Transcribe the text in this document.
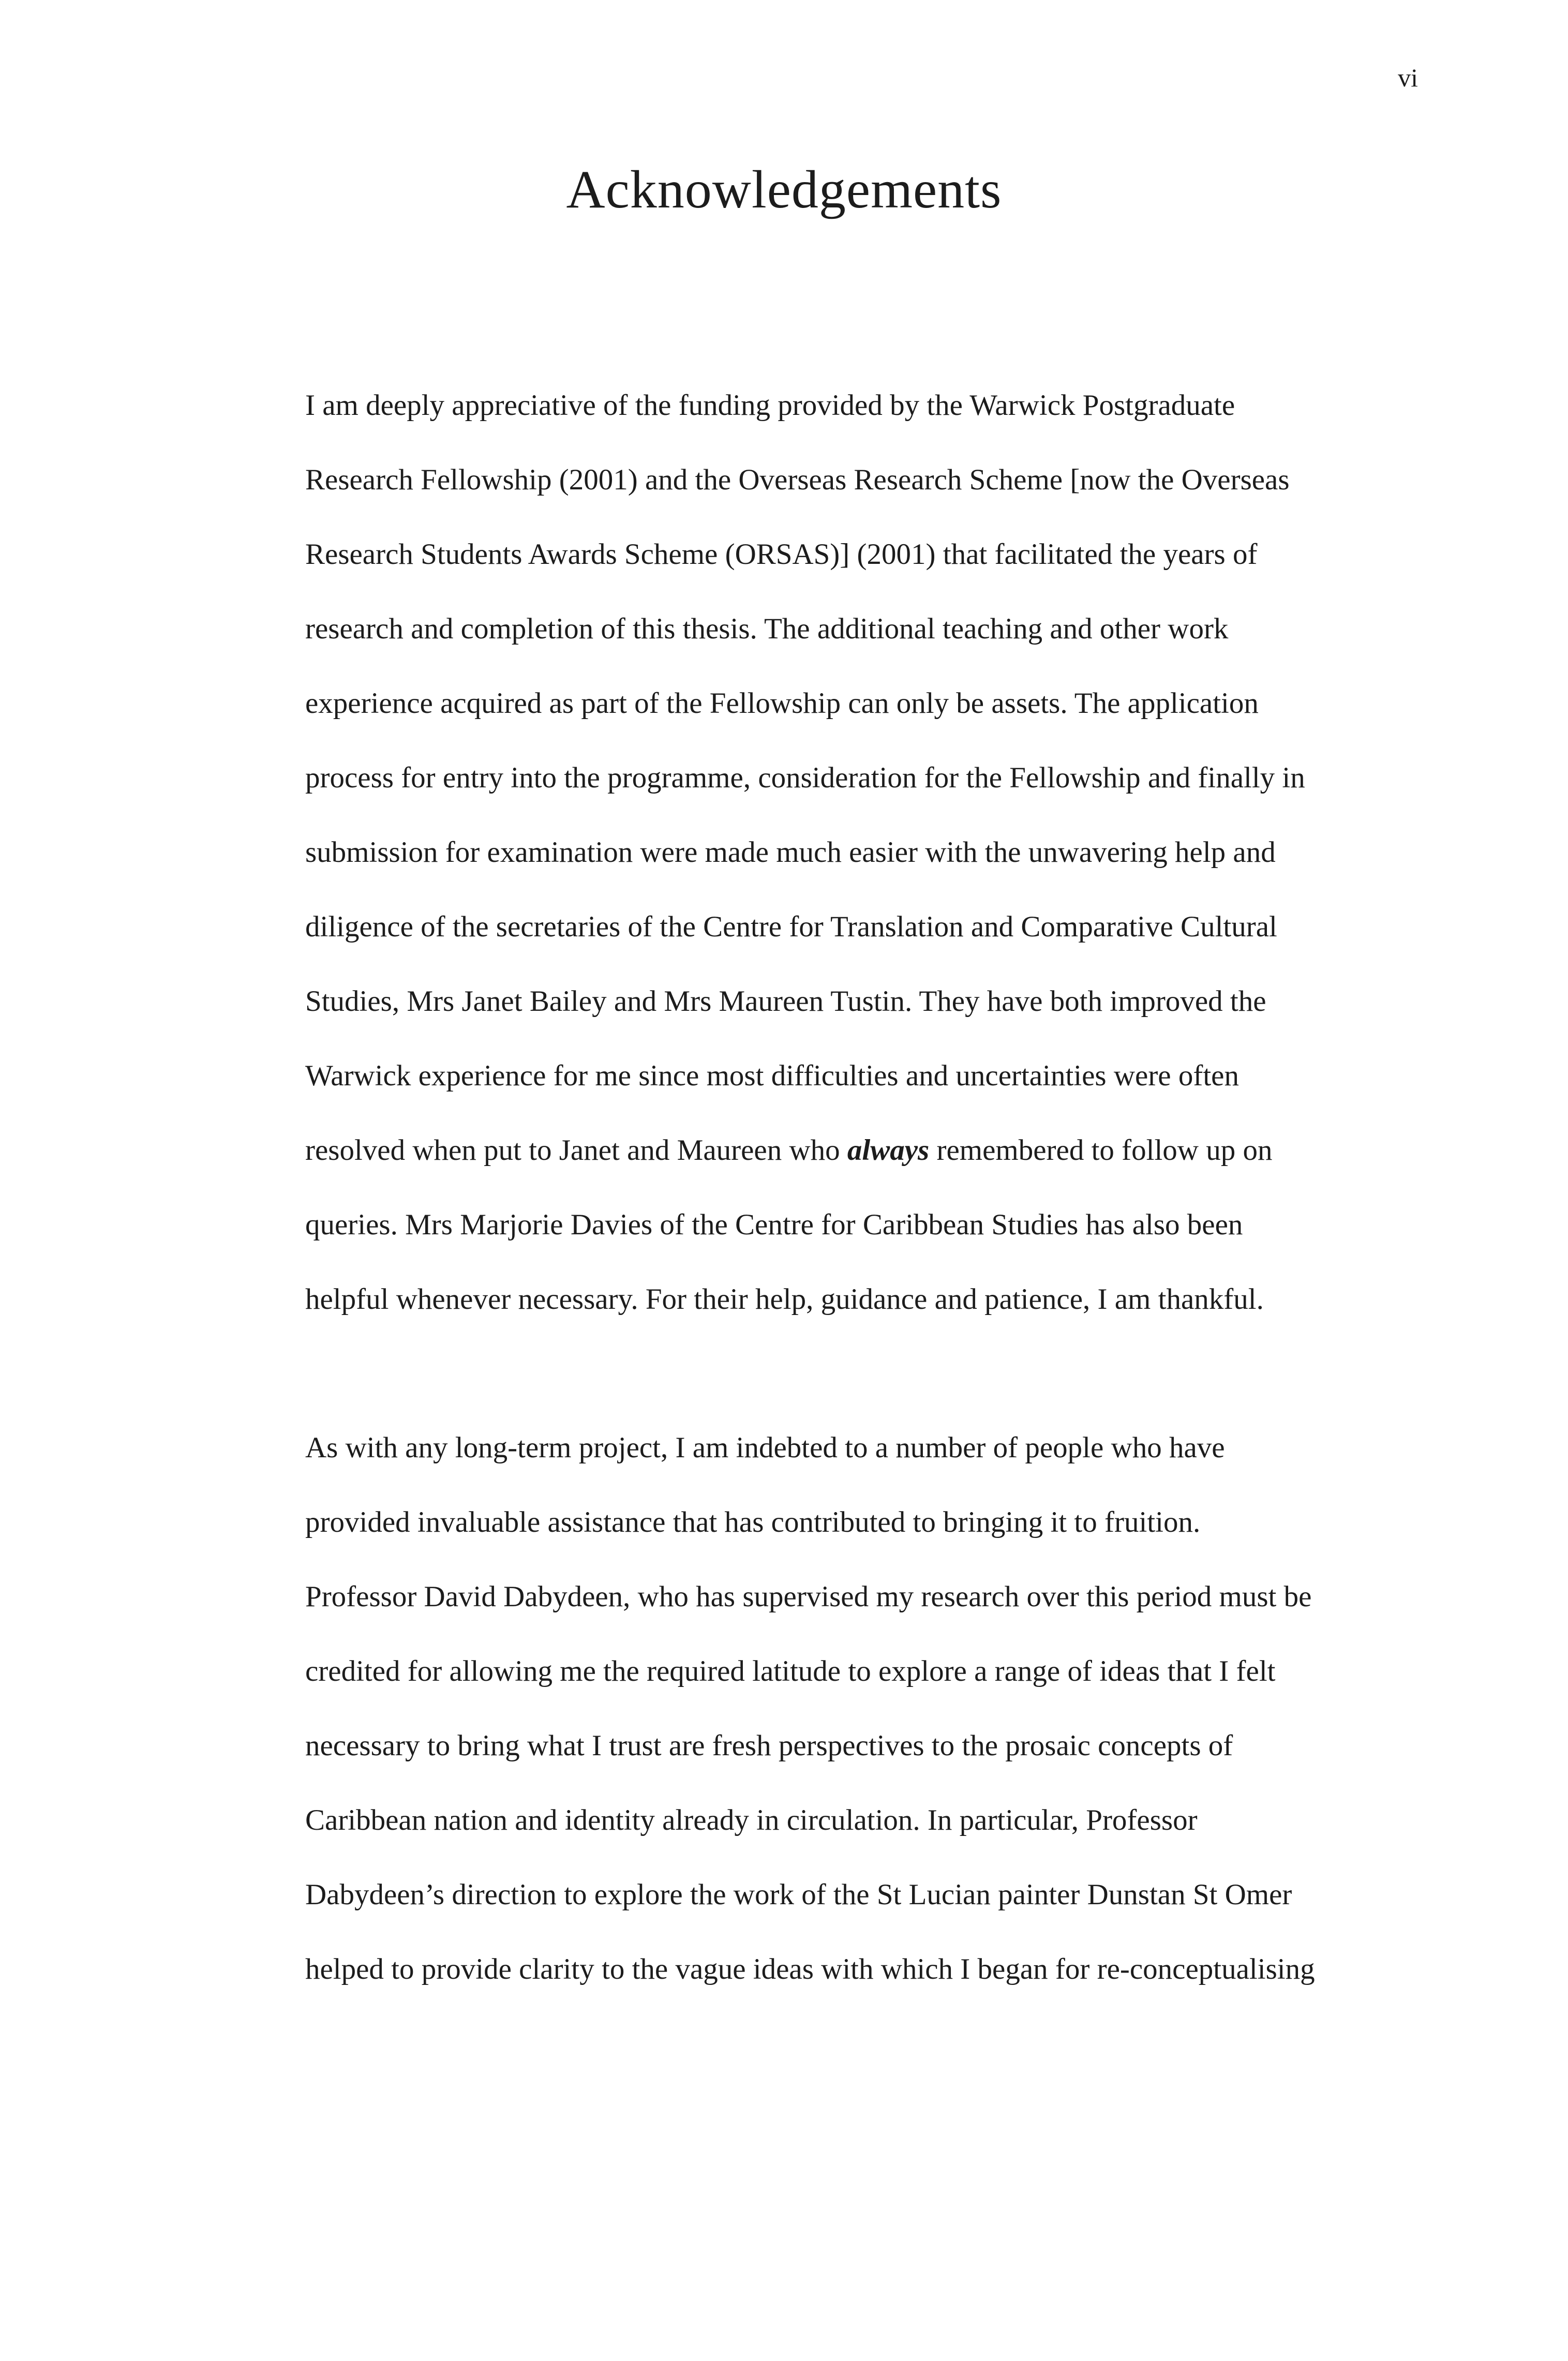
vi
Acknowledgements
I am deeply appreciative of the funding provided by the Warwick Postgraduate
Research Fellowship (2001) and the Overseas Research Scheme [now the Overseas
Research Students Awards Scheme (ORSAS)] (2001) that facilitated the years of
research and completion of this thesis. The additional teaching and other work
experience acquired as part of the Fellowship can only be assets. The application
process for entry into the programme, consideration for the Fellowship and finally in
submission for examination were made much easier with the unwavering help and
diligence of the secretaries of the Centre for Translation and Comparative Cultural
Studies, Mrs Janet Bailey and Mrs Maureen Tustin. They have both improved the
Warwick experience for me since most difficulties and uncertainties were often
resolved when put to Janet and Maureen who always remembered to follow up on
queries. Mrs Marjorie Davies of the Centre for Caribbean Studies has also been
helpful whenever necessary. For their help, guidance and patience, I am thankful.
As with any long-term project, I am indebted to a number of people who have
provided invaluable assistance that has contributed to bringing it to fruition.
Professor David Dabydeen, who has supervised my research over this period must be
credited for allowing me the required latitude to explore a range of ideas that I felt
necessary to bring what I trust are fresh perspectives to the prosaic concepts of
Caribbean nation and identity already in circulation. In particular, Professor
Dabydeen’s direction to explore the work of the St Lucian painter Dunstan St Omer
helped to provide clarity to the vague ideas with which I began for re-conceptualising
